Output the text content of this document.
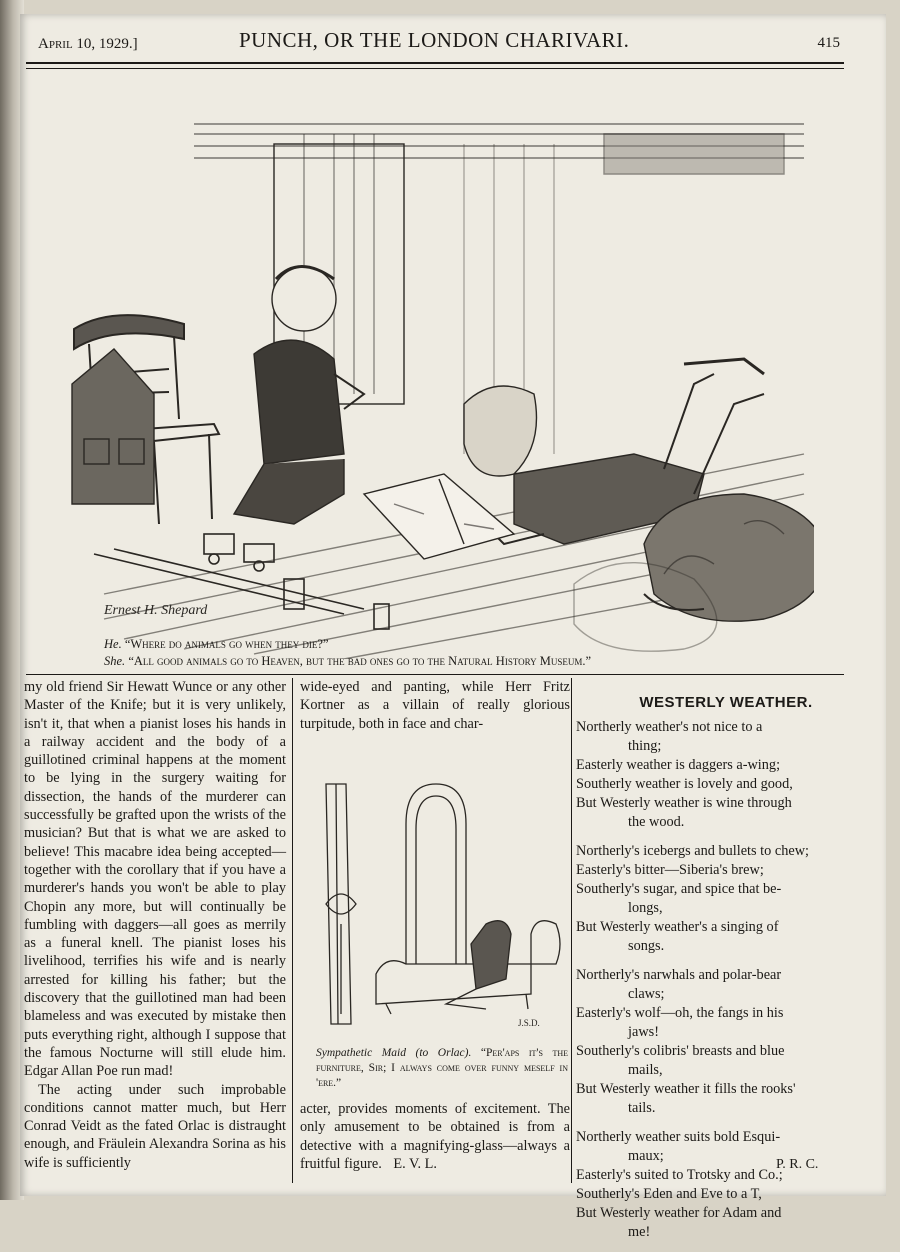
April 10, 1929.]	PUNCH, OR THE LONDON CHARIVARI.	415
Ernest H. Shepard
He. “Where do animals go when they die?”
She. “All good animals go to Heaven, but the bad ones go to the Natural History Museum.”

my old friend Sir Hewatt Wunce or any other Master of the Knife; but it is very unlikely, isn't it, that when a pianist loses his hands in a railway accident and the body of a guillotined criminal happens at the moment to be lying in the surgery waiting for dissection, the hands of the murderer can successfully be grafted upon the wrists of the musician? But that is what we are asked to believe! This macabre idea being accepted—together with the corollary that if you have a murderer's hands you won't be able to play Chopin any more, but will continually be fumbling with daggers—all goes as merrily as a funeral knell. The pianist loses his livelihood, terrifies his wife and is nearly arrested for killing his father; but the discovery that the guillotined man had been blameless and was executed by mistake then puts everything right, although I suppose that the famous Nocturne will still elude him. Edgar Allan Poe run mad!

The acting under such improbable conditions cannot matter much, but Herr Conrad Veidt as the fated Orlac is distraught enough, and Fräulein Alexandra Sorina as his wife is sufficiently

wide-eyed and panting, while Herr Fritz Kortner as a villain of really glorious turpitude, both in face and char-

J.S.D.
Sympathetic Maid (to Orlac). “Per'aps it's the furniture, Sir; I always come over funny meself in 'ere.”

acter, provides moments of excitement. The only amusement to be obtained is from a detective with a magnifying-glass—always a fruitful figure. E. V. L.

WESTERLY WEATHER.
Northerly weather's not nice to a
thing;
Easterly weather is daggers a-wing;
Southerly weather is lovely and good,
But Westerly weather is wine through
the wood.
Northerly's icebergs and bullets to chew;
Easterly's bitter—Siberia's brew;
Southerly's sugar, and spice that be-
longs,
But Westerly weather's a singing of
songs.
Northerly's narwhals and polar-bear
claws;
Easterly's wolf—oh, the fangs in his
jaws!
Southerly's colibris' breasts and blue
mails,
But Westerly weather it fills the rooks'
tails.
Northerly weather suits bold Esqui-
maux;
Easterly's suited to Trotsky and Co.;
Southerly's Eden and Eve to a T,
But Westerly weather for Adam and
me!
P. R. C.
